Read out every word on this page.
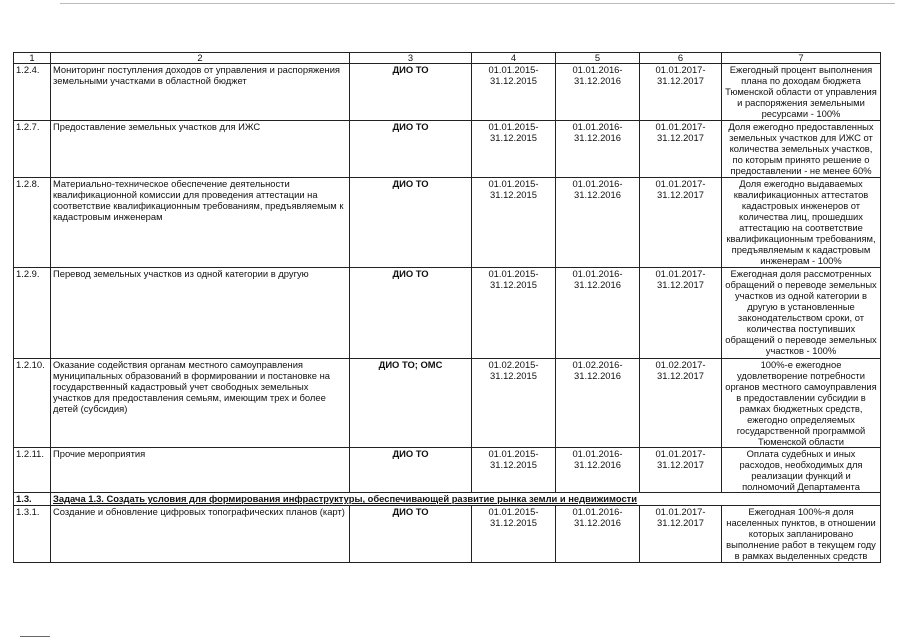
1	2	3	4	5	6	7
1.2.4.	Мониторинг поступления доходов от управления и распоряжения земельными участками в областной бюджет	ДИО ТО	01.01.2015-
31.12.2015	01.01.2016-
31.12.2016	01.01.2017-
31.12.2017	Ежегодный процент выполнения плана по доходам бюджета Тюменской области от управления и распоряжения земельными ресурсами - 100%
1.2.7.	Предоставление земельных участков для ИЖС	ДИО ТО	01.01.2015-
31.12.2015	01.01.2016-
31.12.2016	01.01.2017-
31.12.2017	Доля ежегодно предоставленных земельных участков для ИЖС от количества земельных участков, по которым принято решение о предоставлении - не менее 60%
1.2.8.	Материально-техническое обеспечение деятельности квалификационной комиссии для проведения аттестации на соответствие квалификационным требованиям, предъявляемым к кадастровым инженерам	ДИО ТО	01.01.2015-
31.12.2015	01.01.2016-
31.12.2016	01.01.2017-
31.12.2017	Доля ежегодно выдаваемых квалификационных аттестатов кадастровых инженеров от количества лиц, прошедших аттестацию на соответствие квалификационным требованиям, предъявляемым к кадастровым инженерам - 100%
1.2.9.	Перевод земельных участков из одной категории в другую	ДИО ТО	01.01.2015-
31.12.2015	01.01.2016-
31.12.2016	01.01.2017-
31.12.2017	Ежегодная доля рассмотренных обращений о переводе земельных участков из одной категории в другую в установленные законодательством сроки, от количества поступивших обращений о переводе земельных участков - 100%
1.2.10.	Оказание содействия органам местного самоуправления муниципальных образований в формировании и постановке на государственный кадастровый учет свободных земельных участков для предоставления семьям, имеющим трех и более детей (субсидия)	ДИО ТО; ОМС	01.02.2015-
31.12.2015	01.02.2016-
31.12.2016	01.02.2017-
31.12.2017	100%-е ежегодное удовлетворение потребности органов местного самоуправления в предоставлении субсидии в рамках бюджетных средств, ежегодно определяемых государственной программой Тюменской области
1.2.11.	Прочие мероприятия	ДИО ТО	01.01.2015-
31.12.2015	01.01.2016-
31.12.2016	01.01.2017-
31.12.2017	Оплата судебных и иных расходов, необходимых для реализации функций и полномочий Департамента
1.3.	Задача 1.3. Создать условия для формирования инфраструктуры, обеспечивающей развитие рынка земли и недвижимости					
1.3.1.	Создание и обновление цифровых топографических планов (карт)	ДИО ТО	01.01.2015-
31.12.2015	01.01.2016-
31.12.2016	01.01.2017-
31.12.2017	Ежегодная 100%-я доля населенных пунктов, в отношении которых запланировано выполнение работ в текущем году в рамках выделенных средств
